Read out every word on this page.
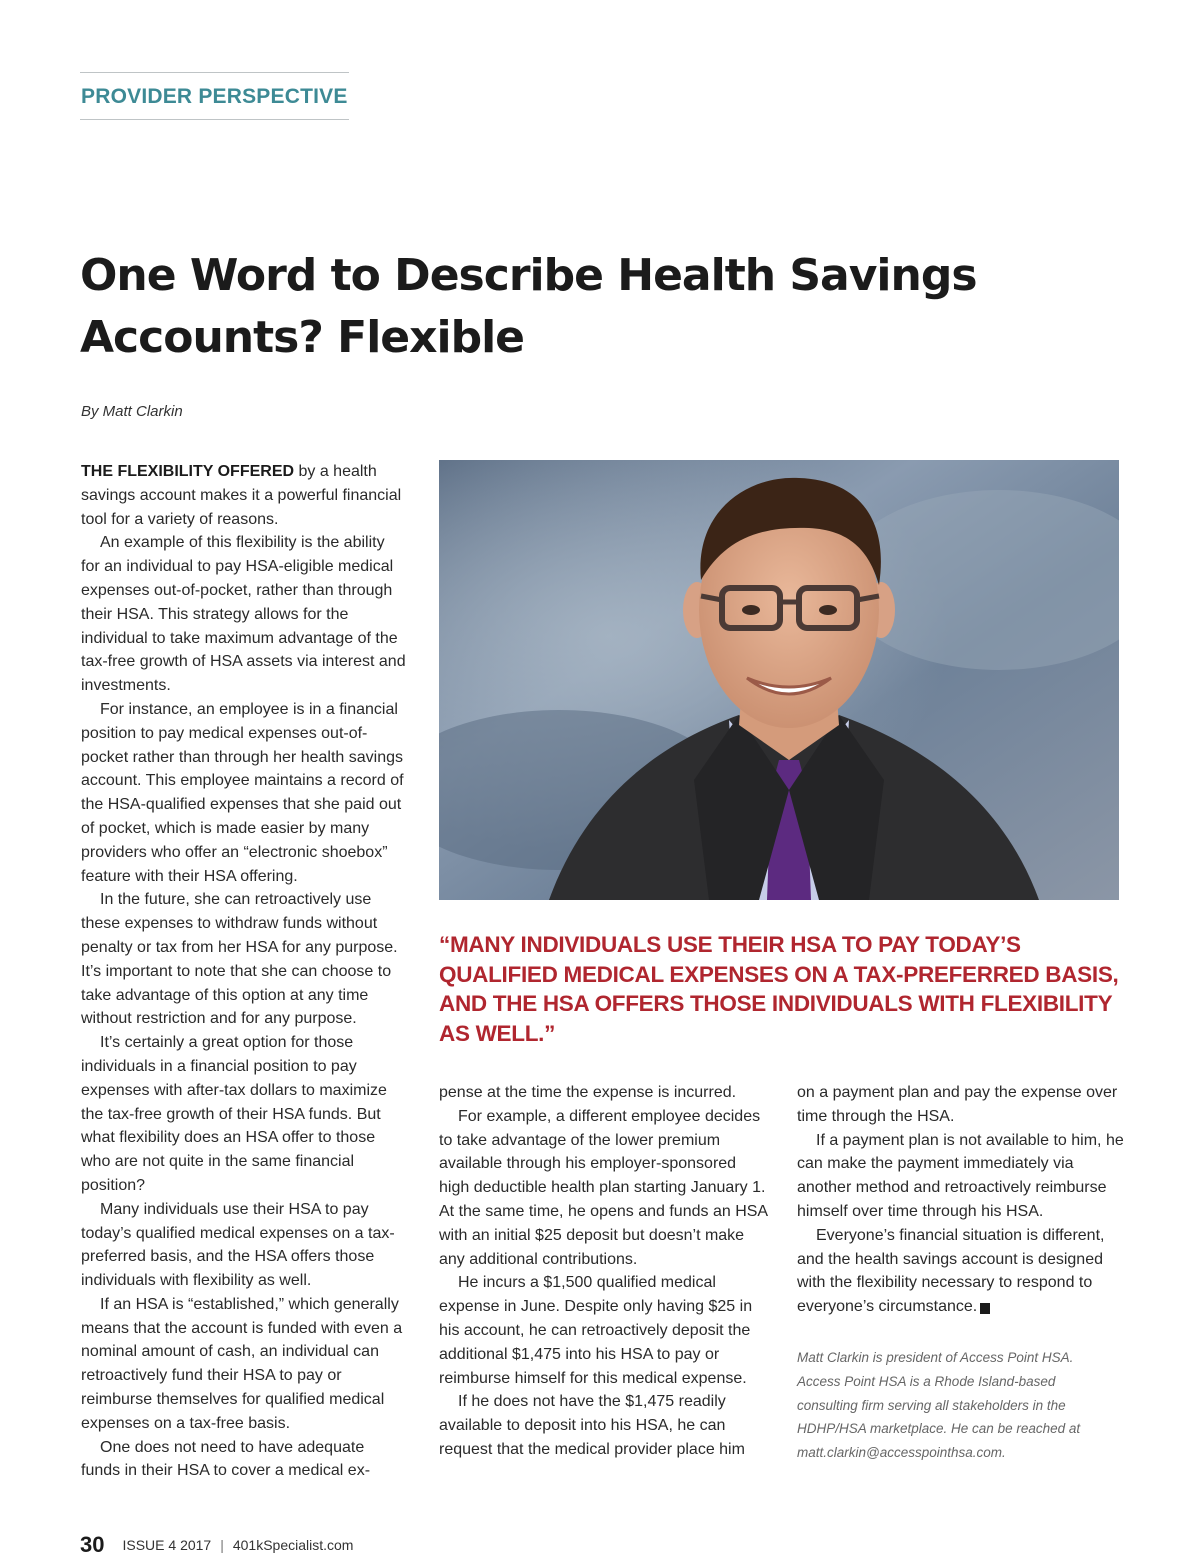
PROVIDER PERSPECTIVE
One Word to Describe Health Savings
Accounts? Flexible

By Matt Clarkin

THE FLEXIBILITY OFFERED by a health savings account makes it a powerful financial tool for a variety of reasons.

An example of this flexibility is the ability for an individual to pay HSA-eligible medical expenses out-of-pocket, rather than through their HSA. This strategy allows for the individual to take maximum advantage of the tax-free growth of HSA assets via interest and investments.

For instance, an employee is in a financial position to pay medical expenses out-of-pocket rather than through her health savings account. This employee maintains a record of the HSA-qualified expenses that she paid out of pocket, which is made easier by many providers who offer an “electronic shoebox” feature with their HSA offering.

In the future, she can retroactively use these expenses to withdraw funds without penalty or tax from her HSA for any purpose. It’s important to note that she can choose to take advantage of this option at any time without restriction and for any purpose.

It’s certainly a great option for those individuals in a financial position to pay expenses with after-tax dollars to maximize the tax-free growth of their HSA funds. But what flexibility does an HSA offer to those who are not quite in the same financial position?

Many individuals use their HSA to pay today’s qualified medical expenses on a tax-preferred basis, and the HSA offers those individuals with flexibility as well.

If an HSA is “established,” which generally means that the account is funded with even a nominal amount of cash, an individual can retroactively fund their HSA to pay or reimburse themselves for qualified medical expenses on a tax-free basis.

One does not need to have adequate funds in their HSA to cover a medical ex-

“MANY INDIVIDUALS USE THEIR HSA TO PAY TODAY’S QUALIFIED MEDICAL EXPENSES ON A TAX-PREFERRED BASIS, AND THE HSA OFFERS THOSE INDIVIDUALS WITH FLEXIBILITY AS WELL.”

pense at the time the expense is incurred.

For example, a different employee decides to take advantage of the lower premium available through his employer-sponsored high deductible health plan starting January 1. At the same time, he opens and funds an HSA with an initial $25 deposit but doesn’t make any additional contributions.

He incurs a $1,500 qualified medical expense in June. Despite only having $25 in his account, he can retroactively deposit the additional $1,475 into his HSA to pay or reimburse himself for this medical expense.

If he does not have the $1,475 readily available to deposit into his HSA, he can request that the medical provider place him

on a payment plan and pay the expense over time through the HSA.

If a payment plan is not available to him, he can make the payment immediately via another method and retroactively reimburse himself over time through his HSA.

Everyone’s financial situation is different, and the health savings account is designed with the flexibility necessary to respond to everyone’s circumstance. K

Matt Clarkin is president of Access Point HSA. Access Point HSA is a Rhode Island-based consulting firm serving all stakeholders in the HDHP/HSA marketplace. He can be reached at matt.clarkin@accesspointhsa.com.

30 ISSUE 4 2017 | 401kSpecialist.com
